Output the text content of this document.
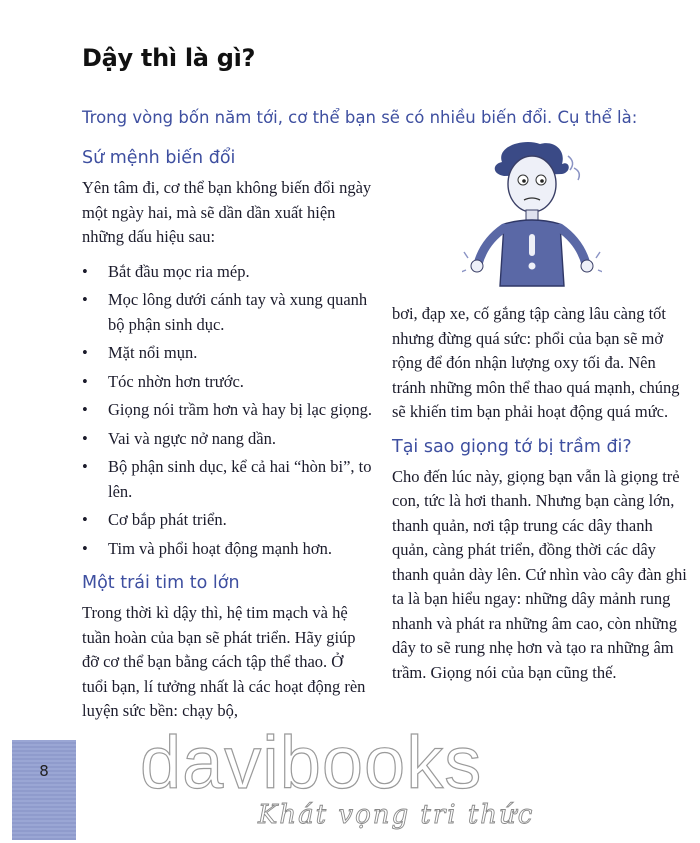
Dậy thì là gì?

Trong vòng bốn năm tới, cơ thể bạn sẽ có nhiều biến đổi. Cụ thể là:

Sứ mệnh biến đổi

Yên tâm đi, cơ thể bạn không biến đổi ngày một ngày hai, mà sẽ dần dần xuất hiện những dấu hiệu sau:

• Bắt đầu mọc ria mép.
• Mọc lông dưới cánh tay và xung quanh bộ phận sinh dục.
• Mặt nổi mụn.
• Tóc nhờn hơn trước.
• Giọng nói trầm hơn và hay bị lạc giọng.
• Vai và ngực nở nang dần.
• Bộ phận sinh dục, kể cả hai “hòn bi”, to lên.
• Cơ bắp phát triển.
• Tim và phổi hoạt động mạnh hơn.
Một trái tim to lớn

Trong thời kì dậy thì, hệ tim mạch và hệ tuần hoàn của bạn sẽ phát triển. Hãy giúp đỡ cơ thể bạn bằng cách tập thể thao. Ở tuổi bạn, lí tưởng nhất là các hoạt động rèn luyện sức bền: chạy bộ,

bơi, đạp xe, cố gắng tập càng lâu càng tốt nhưng đừng quá sức: phổi của bạn sẽ mở rộng để đón nhận lượng oxy tối đa. Nên tránh những môn thể thao quá mạnh, chúng sẽ khiến tim bạn phải hoạt động quá mức.

Tại sao giọng tớ bị trầm đi?

Cho đến lúc này, giọng bạn vẫn là giọng trẻ con, tức là hơi thanh. Nhưng bạn càng lớn, thanh quản, nơi tập trung các dây thanh quản, càng phát triển, đồng thời các dây thanh quản dày lên. Cứ nhìn vào cây đàn ghi ta là bạn hiểu ngay: những dây mảnh rung nhanh và phát ra những âm cao, còn những dây to sẽ rung nhẹ hơn và tạo ra những âm trầm. Giọng nói của bạn cũng thế.

8	davibooks

Khát vọng tri thức
